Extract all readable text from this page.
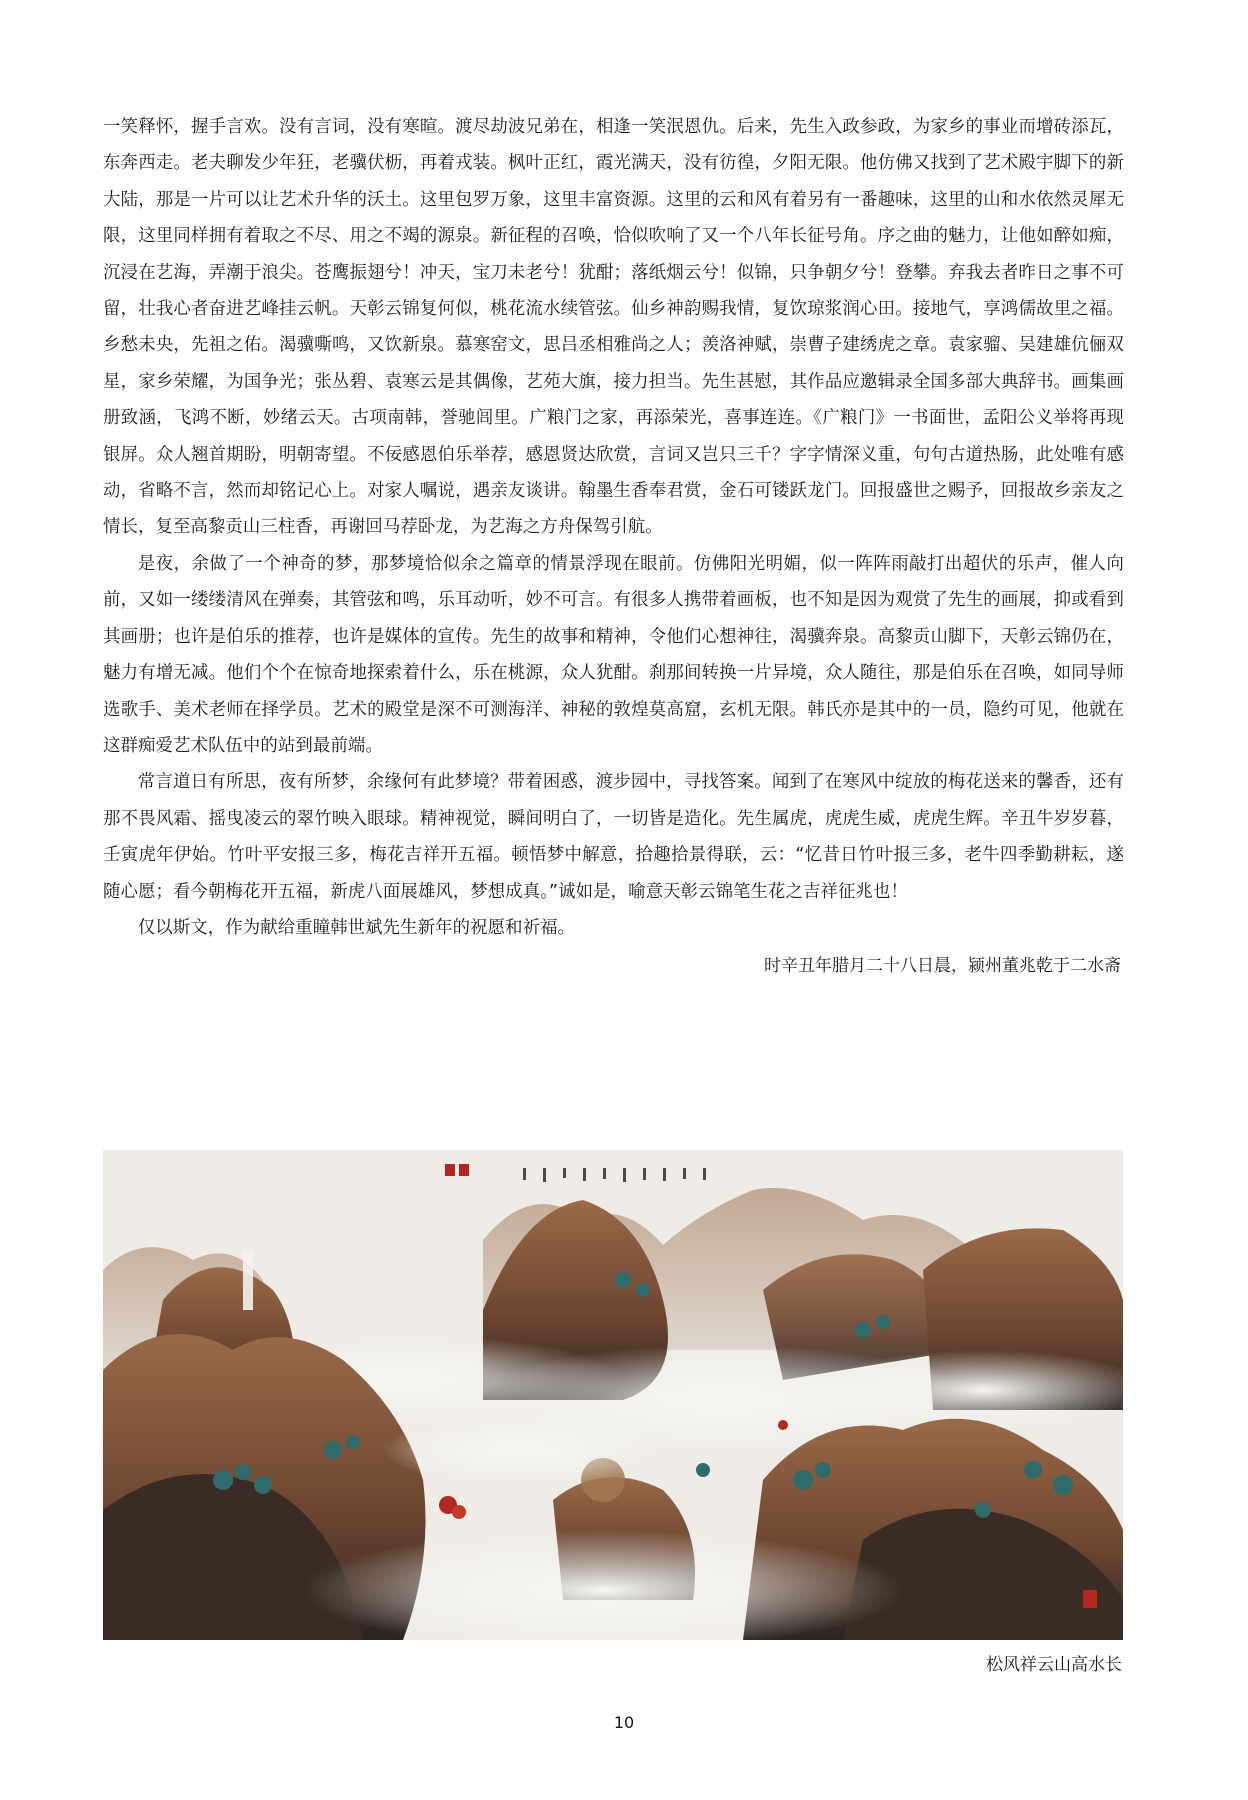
一笑释怀，握手言欢。没有言词，没有寒暄。渡尽劫波兄弟在，相逢一笑泯恩仇。后来，先生入政参政，为家乡的事业而增砖添瓦，东奔西走。老夫聊发少年狂，老骥伏枥，再着戎装。枫叶正红，霞光满天，没有彷徨，夕阳无限。他仿佛又找到了艺术殿宇脚下的新大陆，那是一片可以让艺术升华的沃土。这里包罗万象，这里丰富资源。这里的云和风有着另有一番趣味，这里的山和水依然灵犀无限，这里同样拥有着取之不尽、用之不竭的源泉。新征程的召唤，恰似吹响了又一个八年长征号角。序之曲的魅力，让他如醉如痴，沉浸在艺海，弄潮于浪尖。苍鹰振翅兮！冲天，宝刀未老兮！犹酣；落纸烟云兮！似锦，只争朝夕兮！登攀。弃我去者昨日之事不可留，壮我心者奋进艺峰挂云帆。天彰云锦复何似，桃花流水续管弦。仙乡神韵赐我情，复饮琼浆润心田。接地气，享鸿儒故里之福。乡愁未央，先祖之佑。渴骥嘶鸣，又饮新泉。慕寒窑文，思吕丞相雅尚之人；羡洛神赋，崇曹子建绣虎之章。袁家骝、吴建雄伉俪双星，家乡荣耀，为国争光；张丛碧、袁寒云是其偶像，艺苑大旗，接力担当。先生甚慰，其作品应邀辑录全国多部大典辞书。画集画册致涵，飞鸿不断，妙绪云天。古项南韩，誉驰闾里。广粮门之家，再添荣光，喜事连连。《广粮门》一书面世，孟阳公义举将再现银屏。众人翘首期盼，明朝寄望。不佞感恩伯乐举荐，感恩贤达欣赏，言词又岂只三千？字字情深义重，句句古道热肠，此处唯有感动，省略不言，然而却铭记心上。对家人嘱说，遇亲友谈讲。翰墨生香奉君赏，金石可镂跃龙门。回报盛世之赐予，回报故乡亲友之情长，复至高黎贡山三柱香，再谢回马荐卧龙，为艺海之方舟保驾引航。

是夜，余做了一个神奇的梦，那梦境恰似余之篇章的情景浮现在眼前。仿佛阳光明媚，似一阵阵雨敲打出超伏的乐声，催人向前，又如一缕缕清风在弹奏，其管弦和鸣，乐耳动听，妙不可言。有很多人携带着画板，也不知是因为观赏了先生的画展，抑或看到其画册；也许是伯乐的推荐，也许是媒体的宣传。先生的故事和精神，令他们心想神往，渴骥奔泉。高黎贡山脚下，天彰云锦仍在，魅力有增无减。他们个个在惊奇地探索着什么，乐在桃源，众人犹酣。刹那间转换一片异境，众人随往，那是伯乐在召唤，如同导师选歌手、美术老师在择学员。艺术的殿堂是深不可测海洋、神秘的敦煌莫高窟，玄机无限。韩氏亦是其中的一员，隐约可见，他就在这群痴爱艺术队伍中的站到最前端。

常言道日有所思，夜有所梦，余缘何有此梦境？带着困惑，渡步园中，寻找答案。闻到了在寒风中绽放的梅花送来的馨香，还有那不畏风霜、摇曳凌云的翠竹映入眼球。精神视觉，瞬间明白了，一切皆是造化。先生属虎，虎虎生威，虎虎生辉。辛丑牛岁岁暮，壬寅虎年伊始。竹叶平安报三多，梅花吉祥开五福。顿悟梦中解意，拾趣拾景得联，云：“忆昔日竹叶报三多，老牛四季勤耕耘，遂随心愿；看今朝梅花开五福，新虎八面展雄风，梦想成真。”诚如是，喻意天彰云锦笔生花之吉祥征兆也！

仅以斯文，作为献给重瞳韩世斌先生新年的祝愿和祈福。

时辛丑年腊月二十八日晨，颍州董兆乾于二水斋
松风祥云山高水长
10
